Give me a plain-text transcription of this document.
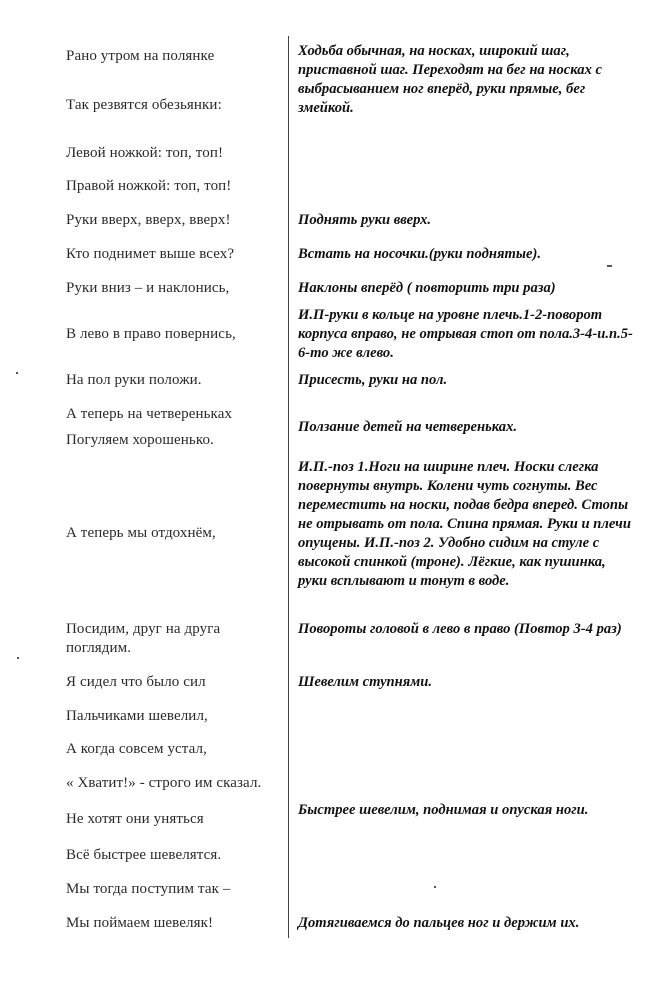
Рано утром на полянке
Так резвятся обезьянки:
Левой ножкой: топ, топ!
Правой ножкой: топ, топ!
Руки вверх, вверх, вверх!
Кто поднимет выше всех?
Руки вниз – и наклонись,
В лево в право повернись,
На пол руки положи.
А теперь на четвереньках
Погуляем хорошенько.
А теперь мы отдохнём,
Посидим, друг на друга поглядим.
Я сидел что было сил
Пальчиками шевелил,
А когда совсем устал,
« Хватит!» - строго им сказал.
Не хотят они уняться
Всё быстрее шевелятся.
Мы тогда поступим так –
Мы поймаем шевеляк!
Ходьба обычная, на носках, широкий шаг, приставной шаг. Переходят на бег на носках с выбрасыванием ног вперёд, руки прямые, бег змейкой.
Поднять руки вверх.
Встать на носочки.(руки поднятые).
Наклоны вперёд ( повторить три раза)
И.П-руки в кольце на уровне плечь.1-2-поворот корпуса вправо, не отрывая стоп от пола.3-4-и.п.5-6-то же влево.
Присесть, руки на пол.
Ползание детей на четвереньках.
И.П.-поз 1.Ноги на ширине плеч. Носки слегка повернуты внутрь. Колени чуть согнуты. Вес переместить на носки, подав бедра вперед. Стопы не отрывать от пола. Спина прямая. Руки и плечи опущены. И.П.-поз 2. Удобно сидим на стуле с высокой спинкой (троне). Лёгкие, как пушинка, руки всплывают и тонут в воде.
Повороты головой в лево в право (Повтор 3-4 раз)
Шевелим ступнями.
Быстрее шевелим, поднимая и опуская ноги.
Дотягиваемся до пальцев ног и держим их.
